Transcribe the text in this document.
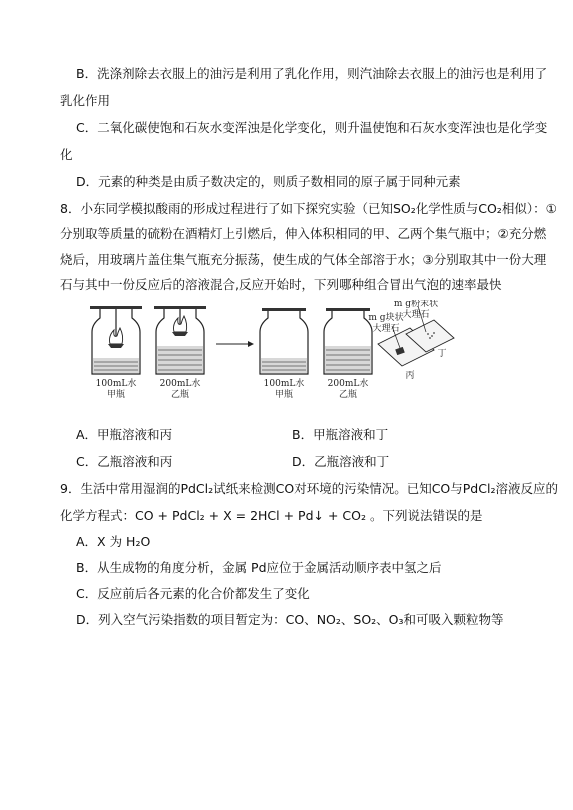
B．洗涤剂除去衣服上的油污是利用了乳化作用，则汽油除去衣服上的油污也是利用了
乳化作用
C．二氧化碳使饱和石灰水变浑浊是化学变化，则升温使饱和石灰水变浑浊也是化学变
化
D．元素的种类是由质子数决定的，则质子数相同的原子属于同种元素
8．小东同学模拟酸雨的形成过程进行了如下探究实验（已知SO₂化学性质与CO₂相似）：①
分别取等质量的硫粉在酒精灯上引燃后，伸入体积相同的甲、乙两个集气瓶中；②充分燃
烧后，用玻璃片盖住集气瓶充分振荡，使生成的气体全部溶于水；③分别取其中一份大理
石与其中一份反应后的溶液混合,反应开始时，下列哪种组合冒出气泡的速率最快
m g粉末状
大理石
m g块状
大理石
丁
丙
100mL水
甲瓶
200mL水
乙瓶
100mL水
甲瓶
200mL水
乙瓶
A．甲瓶溶液和丙	B．甲瓶溶液和丁
C．乙瓶溶液和丙	D．乙瓶溶液和丁
9．生活中常用湿润的PdCl₂试纸来检测CO对环境的污染情况。已知CO与PdCl₂溶液反应的
化学方程式：CO + PdCl₂ + X = 2HCl + Pd↓ + CO₂ 。下列说法错误的是
A．X 为 H₂O
B．从生成物的角度分析，金属 Pd应位于金属活动顺序表中氢之后
C．反应前后各元素的化合价都发生了变化
D．列入空气污染指数的项目暂定为：CO、NO₂、SO₂、O₃和可吸入颗粒物等
